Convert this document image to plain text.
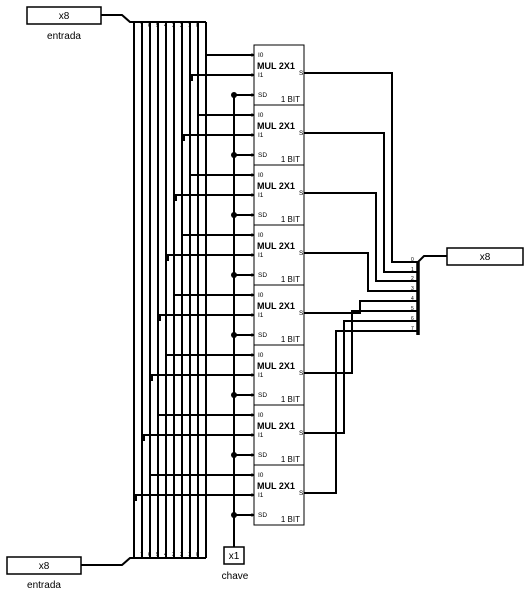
x8
entrada
x8
entrada
x8
x1
chave
7 6 5 4 3 2 1 0
7 6 5 4 3 2 1 0
0
1
2
3
4
5
6
7
MUL 2X1
I0
I1
SD
S
1 BIT
MUL 2X1
I0
I1
SD
S
1 BIT
MUL 2X1
I0
I1
SD
S
1 BIT
MUL 2X1
I0
I1
SD
S
1 BIT
MUL 2X1
I0
I1
SD
S
1 BIT
MUL 2X1
I0
I1
SD
S
1 BIT
MUL 2X1
I0
I1
SD
S
1 BIT
MUL 2X1
I0
I1
SD
S
1 BIT
